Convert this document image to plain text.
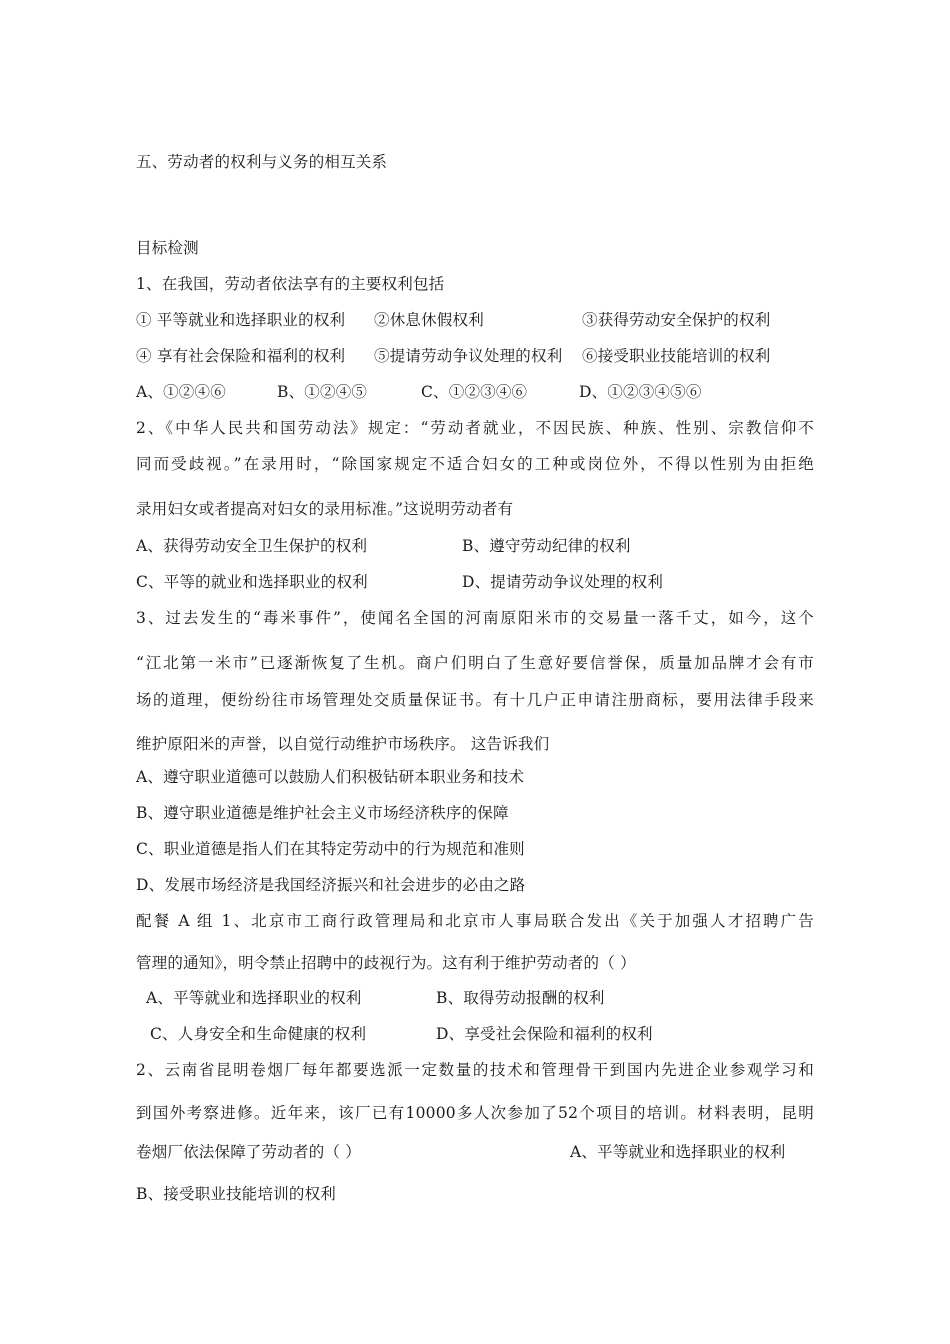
五、劳动者的权利与义务的相互关系
目标检测
1、在我国，劳动者依法享有的主要权利包括
① 平等就业和选择职业的权利 ②休息休假权利	③获得劳动安全保护的权利
④ 享有社会保险和福利的权利 ⑤提请劳动争议处理的权利 ⑥接受职业技能培训的权利
A、①②④⑥	B、①②④⑤	C、①②③④⑥	D、①②③④⑤⑥
2、《中华人民共和国劳动法》规定：“劳动者就业，不因民族、种族、性别、宗教信仰不
同而受歧视。”在录用时，“除国家规定不适合妇女的工种或岗位外，不得以性别为由拒绝
录用妇女或者提高对妇女的录用标准。”这说明劳动者有
A、获得劳动安全卫生保护的权利	B、遵守劳动纪律的权利
C、平等的就业和选择职业的权利	D、提请劳动争议处理的权利
3、过去发生的“毒米事件”，使闻名全国的河南原阳米市的交易量一落千丈，如今，这个
“江北第一米市”已逐渐恢复了生机。商户们明白了生意好要信誉保，质量加品牌才会有市
场的道理，便纷纷往市场管理处交质量保证书。有十几户正申请注册商标，要用法律手段来
维护原阳米的声誉，以自觉行动维护市场秩序。 这告诉我们
A、遵守职业道德可以鼓励人们积极钻研本职业务和技术
B、遵守职业道德是维护社会主义市场经济秩序的保障
C、职业道德是指人们在其特定劳动中的行为规范和准则
D、发展市场经济是我国经济振兴和社会进步的必由之路
配餐 A 组 1、北京市工商行政管理局和北京市人事局联合发出《关于加强人才招聘广告
管理的通知》，明令禁止招聘中的歧视行为。这有利于维护劳动者的（ ）
A、平等就业和选择职业的权利	B、取得劳动报酬的权利
C、人身安全和生命健康的权利	D、享受社会保险和福利的权利
2、云南省昆明卷烟厂每年都要选派一定数量的技术和管理骨干到国内先进企业参观学习和
到国外考察进修。近年来，该厂已有10000多人次参加了52个项目的培训。材料表明，昆明
卷烟厂依法保障了劳动者的（ ）	A、平等就业和选择职业的权利
B、接受职业技能培训的权利
